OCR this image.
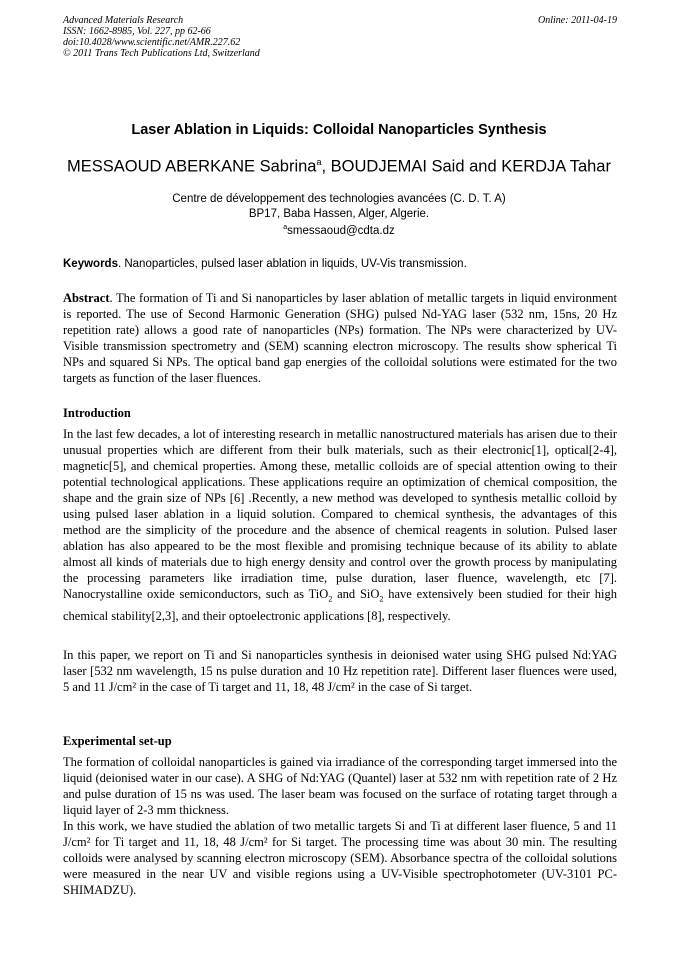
Advanced Materials Research
ISSN: 1662-8985, Vol. 227, pp 62-66
doi:10.4028/www.scientific.net/AMR.227.62
© 2011 Trans Tech Publications Ltd, Switzerland
Online: 2011-04-19
Laser Ablation in Liquids: Colloidal Nanoparticles Synthesis
MESSAOUD ABERKANE Sabrina$^a$, BOUDJEMAI Said and KERDJA Tahar
Centre de développement des technologies avancées (C. D. T. A)
BP17, Baba Hassen, Alger, Algerie.
$^a$smessaoud@cdta.dz
Keywords. Nanoparticles, pulsed laser ablation in liquids, UV-Vis transmission.
Abstract. The formation of Ti and Si nanoparticles by laser ablation of metallic targets in liquid environment is reported. The use of Second Harmonic Generation (SHG) pulsed Nd-YAG laser (532 nm, 15ns, 20 Hz repetition rate) allows a good rate of nanoparticles (NPs) formation. The NPs were characterized by UV-Visible transmission spectrometry and (SEM) scanning electron microscopy. The results show spherical Ti NPs and squared Si NPs. The optical band gap energies of the colloidal solutions were estimated for the two targets as function of the laser fluences.
Introduction
In the last few decades, a lot of interesting research in metallic nanostructured materials has arisen due to their unusual properties which are different from their bulk materials, such as their electronic[1], optical[2-4], magnetic[5], and chemical properties. Among these, metallic colloids are of special attention owing to their potential technological applications. These applications require an optimization of chemical composition, the shape and the grain size of NPs [6] .Recently, a new method was developed to synthesis metallic colloid by using pulsed laser ablation in a liquid solution. Compared to chemical synthesis, the advantages of this method are the simplicity of the procedure and the absence of chemical reagents in solution. Pulsed laser ablation has also appeared to be the most flexible and promising technique because of its ability to ablate almost all kinds of materials due to high energy density and control over the growth process by manipulating the processing parameters like irradiation time, pulse duration, laser fluence, wavelength, etc [7]. Nanocrystalline oxide semiconductors, such as TiO$_2$ and SiO$_2$ have extensively been studied for their high chemical stability[2,3], and their optoelectronic applications [8], respectively.
In this paper, we report on Ti and Si nanoparticles synthesis in deionised water using SHG pulsed Nd:YAG laser [532 nm wavelength, 15 ns pulse duration and 10 Hz repetition rate]. Different laser fluences were used, 5 and 11 J/cm² in the case of Ti target and 11, 18, 48 J/cm² in the case of Si target.
Experimental set-up
The formation of colloidal nanoparticles is gained via irradiance of the corresponding target immersed into the liquid (deionised water in our case). A SHG of Nd:YAG (Quantel) laser at 532 nm with repetition rate of 2 Hz and pulse duration of 15 ns was used. The laser beam was focused on the surface of rotating target through a liquid layer of 2-3 mm thickness.
In this work, we have studied the ablation of two metallic targets Si and Ti at different laser fluence, 5 and 11 J/cm² for Ti target and 11, 18, 48 J/cm² for Si target. The processing time was about 30 min. The resulting colloids were analysed by scanning electron microscopy (SEM). Absorbance spectra of the colloidal solutions were measured in the near UV and visible regions using a UV-Visible spectrophotometer (UV-3101 PC- SHIMADZU).
